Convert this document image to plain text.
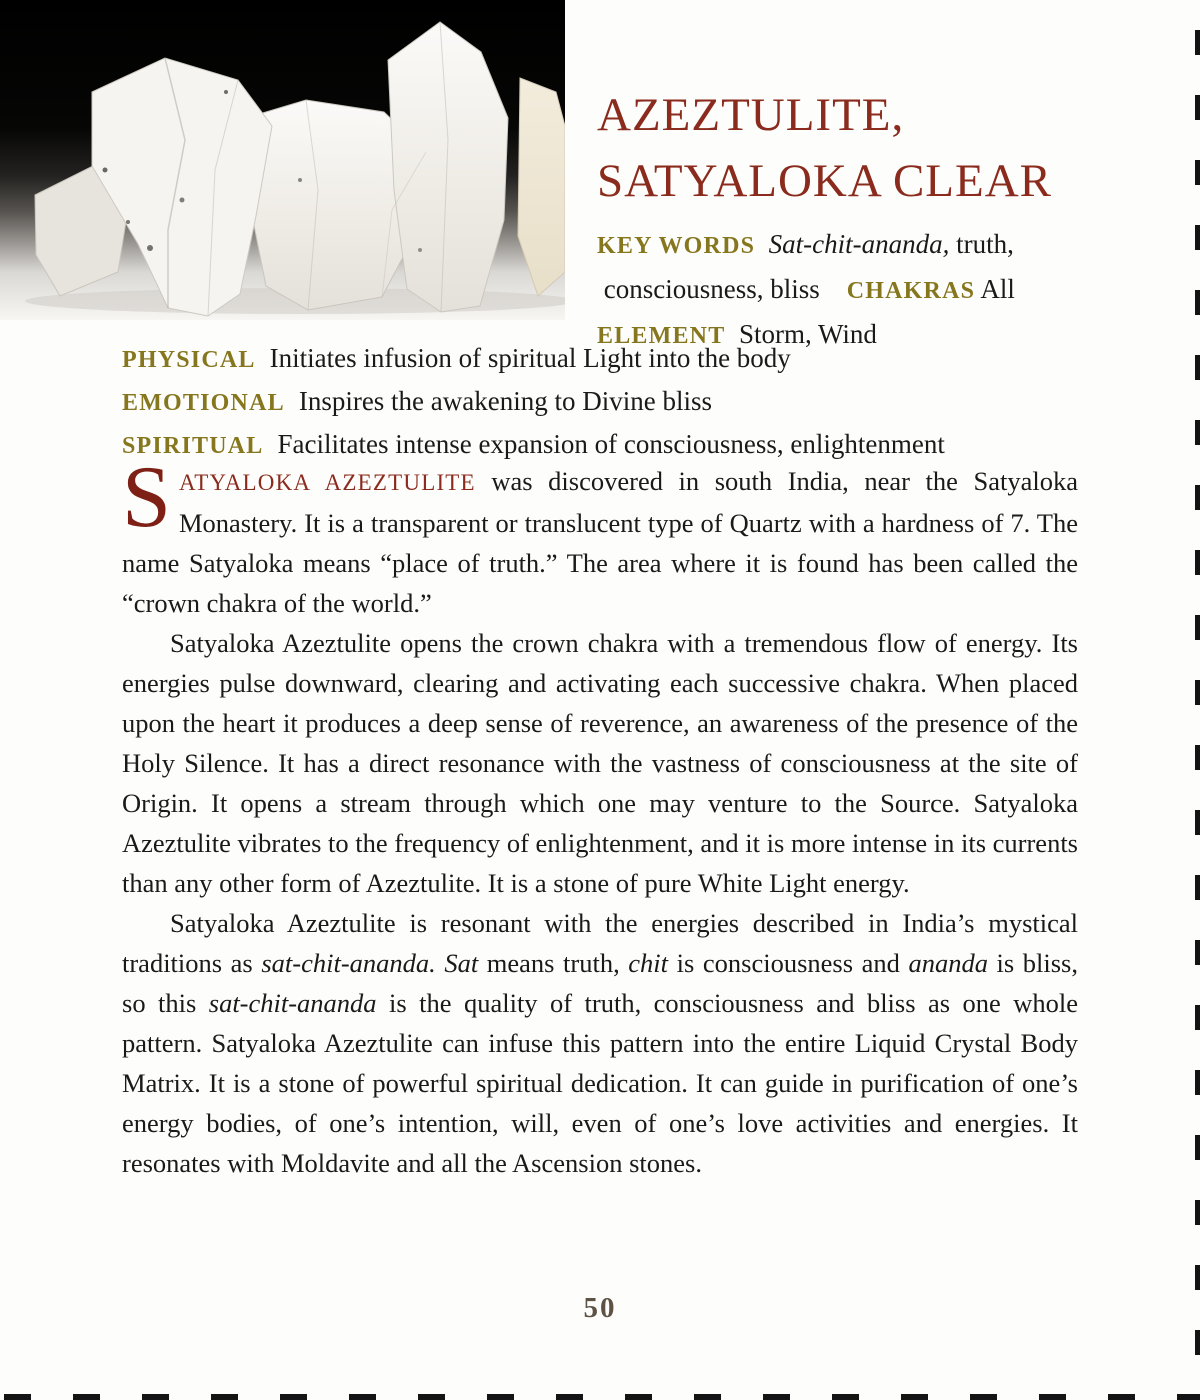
AZEZTULITE,
SATYALOKA CLEAR
KEY WORDS Sat-chit-ananda, truth,
consciousness, bliss CHAKRAS All
ELEMENT Storm, Wind
PHYSICAL Initiates infusion of spiritual Light into the body
EMOTIONAL Inspires the awakening to Divine bliss
SPIRITUAL Facilitates intense expansion of consciousness, enlightenment

SATYALOKA AZEZTULITE was discovered in south India, near the Satyaloka Monastery. It is a transparent or translucent type of Quartz with a hardness of 7. The name Satyaloka means “place of truth.” The area where it is found has been called the “crown chakra of the world.”

Satyaloka Azeztulite opens the crown chakra with a tremendous flow of energy. Its energies pulse downward, clearing and activating each successive chakra. When placed upon the heart it produces a deep sense of reverence, an awareness of the presence of the Holy Silence. It has a direct resonance with the vastness of consciousness at the site of Origin. It opens a stream through which one may venture to the Source. Satyaloka Azeztulite vibrates to the frequency of enlightenment, and it is more intense in its currents than any other form of Azeztulite. It is a stone of pure White Light energy.

Satyaloka Azeztulite is resonant with the energies described in India’s mystical traditions as sat-chit-ananda. Sat means truth, chit is consciousness and ananda is bliss, so this sat-chit-ananda is the quality of truth, consciousness and bliss as one whole pattern. Satyaloka Azeztulite can infuse this pattern into the entire Liquid Crystal Body Matrix. It is a stone of powerful spiritual dedication. It can guide in purification of one’s energy bodies, of one’s intention, will, even of one’s love activities and energies. It resonates with Moldavite and all the Ascension stones.

50
